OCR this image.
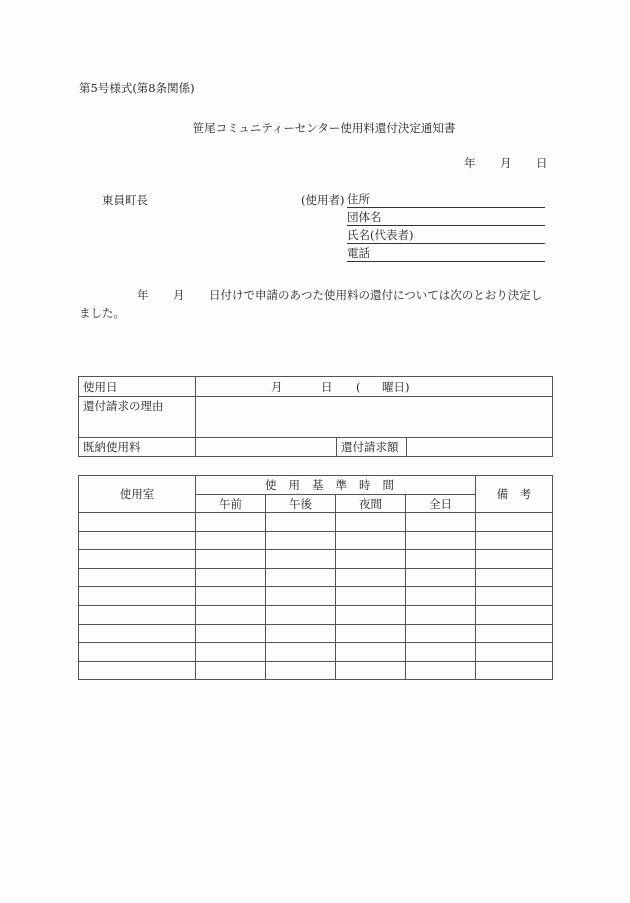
第5号様式(第8条関係)
笹尾コミュニティーセンター使用料還付決定通知書
年 月 日
東員町長	(使用者) 住所
団体名
氏名(代表者)
電話
年 月 日付けで申請のあつた使用料の還付については次のとおり決定し
ました。
使用日	月 日 ( 曜日)		

還付請求の理由			
既納使用料		還付請求額	
使用室	使用基準時間				備　考
	午前	午後	夜間	全日	
